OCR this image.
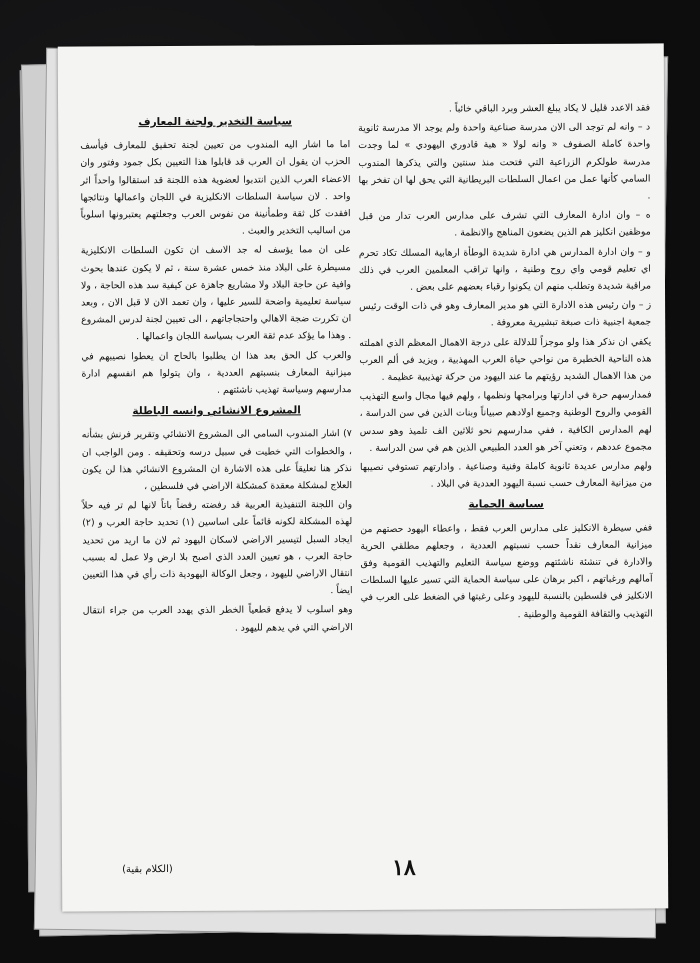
فقد الاعدد قليل لا يكاد يبلغ العشر وبرد الباقي خائباً .

د – وانه لم توجد الى الان مدرسة صناعية واحدة ولم يوجد الا مدرسة ثانوية واحدة كاملة الصفوف « وانه لولا « هبة قادوري اليهودي » لما وجدت مدرسة طولكرم الزراعية التي فتحت منذ سنتين والتي يذكرها المندوب السامي كأنها عمل من اعمال السلطات البريطانية التي يحق لها ان تفخر بها .

ه – وان ادارة المعارف التي تشرف على مدارس العرب تدار من قبل موظفين انكليز هم الذين يضعون المناهج والانظمة .

و – وان ادارة المدارس هي ادارة شديدة الوطأة ارهابية المسلك تكاد تحرم اي تعليم قومي واي روح وطنية ، وانها تراقب المعلمين العرب في ذلك مراقبة شديدة وتطلب منهم ان يكونوا رقباء بعضهم على بعض .

ز – وان رئيس هذه الادارة التي هو مدير المعارف وهو في ذات الوقت رئيس جمعية اجنبية ذات صبغة تبشيرية معروفة .

يكفي ان نذكر هذا ولو موجزاً للدلالة على درجة الاهمال المعظم الذي اهملته هذه الناحية الخطيرة من نواحي حياة العرب المهذبية ، ويزيد في ألم العرب من هذا الاهمال الشديد رؤيتهم ما عند اليهود من حركة تهذيبية عظيمة .

فمدارسهم حرة في ادارتها وبرامجها ونظمها ، ولهم فيها مجال واسع التهذيب القومي والروح الوطنية وجميع اولادهم صبياناً وبنات الذين في سن الدراسة ، لهم المدارس الكافية ، ففي مدارسهم نحو ثلاثين الف تلميذ وهو سدس مجموع عددهم ، وتعني آخر هو العدد الطبيعي الذين هم في سن الدراسة .

ولهم مدارس عديدة ثانوية كاملة وفنية وصناعية . وادارتهم تستوفي نصيبها من ميزانية المعارف حسب نسبة اليهود العددية في البلاد .

سياسة الحماية

ففي سيطرة الانكليز على مدارس العرب فقط ، واعطاء اليهود حصتهم من ميزانية المعارف نقداً حسب نسبتهم العددية ، وجعلهم مطلقي الحرية والادارة في تنشئة ناشئتهم ووضع سياسة التعليم والتهذيب القومية وفق آمالهم ورغباتهم ، اكبر برهان على سياسة الحماية التي تسير عليها السلطات الانكليز في فلسطين بالنسبة لليهود وعلى رغبتها في الضغط على العرب في التهذيب والثقافة القومية والوطنية .

سياسة التخدير ولجنة المعارف

اما ما اشار اليه المندوب من تعيين لجنة تحقيق للمعارف فيأسف الحزب ان يقول ان العرب قد قابلوا هذا التعيين بكل جمود وفتور وان الاعضاء العرب الذين انتدبوا لعضوية هذه اللجنة قد استقالوا واحداً اثر واحد . لان سياسة السلطات الانكليزية في اللجان واعمالها ونتائجها افقدت كل ثقة وطمأنينة من نفوس العرب وجعلتهم يعتبرونها اسلوباً من اساليب التخدير والعبث .

على ان مما يؤسف له جد الاسف ان تكون السلطات الانكليزية مسيطرة على البلاد منذ خمس عشرة سنة ، ثم لا يكون عندها بحوث وافية عن حاجة البلاد ولا مشاريع جاهزة عن كيفية سد هذه الحاجة ، ولا سياسة تعليمية واضحة للسير عليها ، وان تعمد الان لا قبل الان ، وبعد ان تكررت ضجة الاهالي واحتجاجاتهم ، الى تعيين لجنة لدرس المشروع . وهذا ما يؤكد عدم ثقة العرب بسياسة اللجان واعمالها .

والعرب كل الحق بعد هذا ان يطلبوا بالحاح ان يعطوا نصيبهم في ميزانية المعارف بنسبتهم العددية ، وان يتولوا هم انفسهم ادارة مدارسهم وسياسة تهذيب ناشئتهم .

المشروع الانشائي وانسه الباطلة

٧) اشار المندوب السامي الى المشروع الانشائي وتقرير فرنش بشأنه ، والخطوات التي خطيت في سبيل درسه وتحقيقه . ومن الواجب ان نذكر هنا تعليقاً على هذه الاشارة ان المشروع الانشائي هذا لن يكون العلاج لمشكلة معقدة كمشكلة الاراضي في فلسطين ،

وان اللجنة التنفيذية العربية قد رفضته رفضاً باتاً لانها لم تر فيه حلاً لهذه المشكلة لكونه قائماً على اساسين (١) تحديد حاجة العرب و (٢) ايجاد السبل لتيسير الاراضي لاسكان اليهود ثم لان ما اريد من تحديد حاجة العرب ، هو تعيين العدد الذي اصبح بلا ارض ولا عمل له بسبب انتقال الاراضي لليهود ، وجعل الوكالة اليهودية ذات رأي في هذا التعيين ايضاً .

وهو اسلوب لا يدفع قطعياً الخطر الذي يهدد العرب من جراء انتقال الاراضي التي في يدهم لليهود .

(الكلام بقية)	١٨
